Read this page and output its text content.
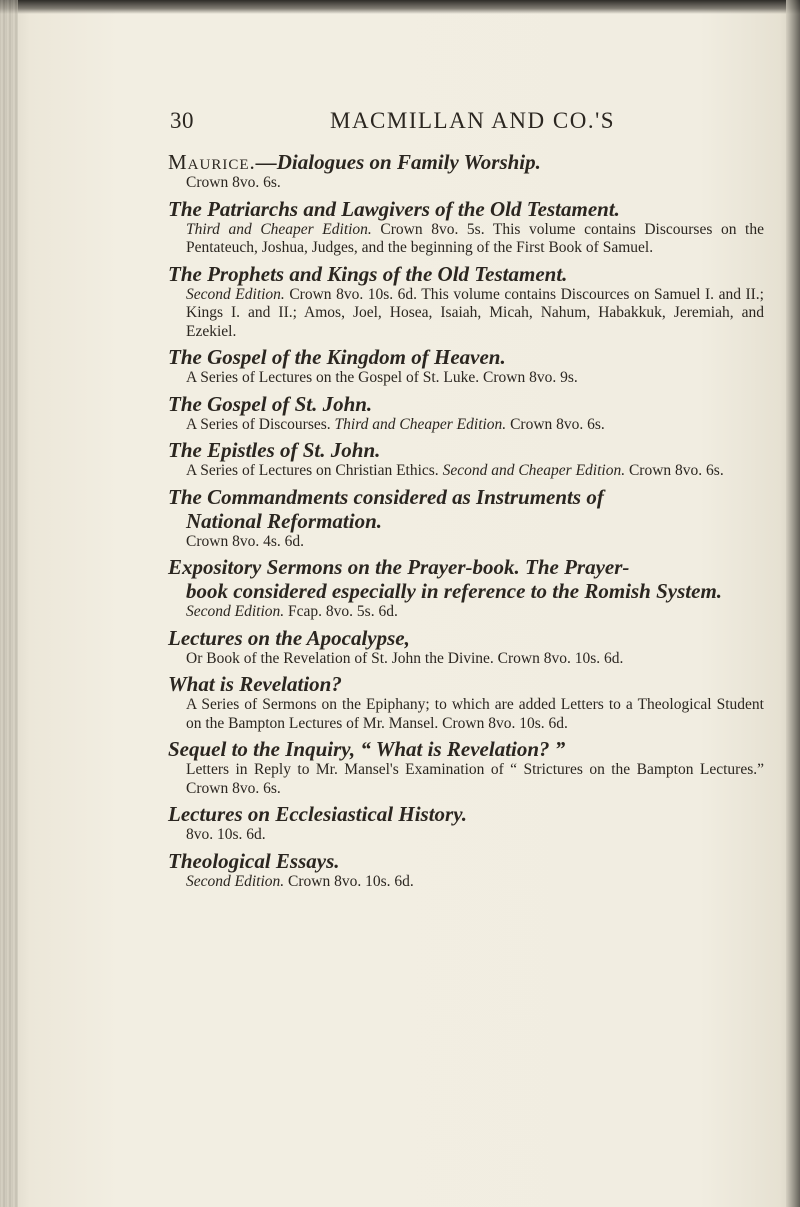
30	MACMILLAN AND CO.'S
Maurice.—Dialogues on Family Worship.
Crown 8vo. 6s.
The Patriarchs and Lawgivers of the Old Testament.
Third and Cheaper Edition. Crown 8vo. 5s. This volume contains Discourses on the Pentateuch, Joshua, Judges, and the beginning of the First Book of Samuel.
The Prophets and Kings of the Old Testament.
Second Edition. Crown 8vo. 10s. 6d. This volume contains Discources on Samuel I. and II.; Kings I. and II.; Amos, Joel, Hosea, Isaiah, Micah, Nahum, Habakkuk, Jeremiah, and Ezekiel.
The Gospel of the Kingdom of Heaven.
A Series of Lectures on the Gospel of St. Luke. Crown 8vo. 9s.
The Gospel of St. John.
A Series of Discourses. Third and Cheaper Edition. Crown 8vo. 6s.
The Epistles of St. John.
A Series of Lectures on Christian Ethics. Second and Cheaper Edition. Crown 8vo. 6s.
The Commandments considered as Instruments of
National Reformation.
Crown 8vo. 4s. 6d.
Expository Sermons on the Prayer-book. The Prayer-
book considered especially in reference to the Romish System.
Second Edition. Fcap. 8vo. 5s. 6d.
Lectures on the Apocalypse,
Or Book of the Revelation of St. John the Divine. Crown 8vo. 10s. 6d.
What is Revelation?
A Series of Sermons on the Epiphany; to which are added Letters to a Theological Student on the Bampton Lectures of Mr. Mansel. Crown 8vo. 10s. 6d.
Sequel to the Inquiry, “ What is Revelation? ”
Letters in Reply to Mr. Mansel's Examination of “ Strictures on the Bampton Lectures.” Crown 8vo. 6s.
Lectures on Ecclesiastical History.
8vo. 10s. 6d.
Theological Essays.
Second Edition. Crown 8vo. 10s. 6d.
